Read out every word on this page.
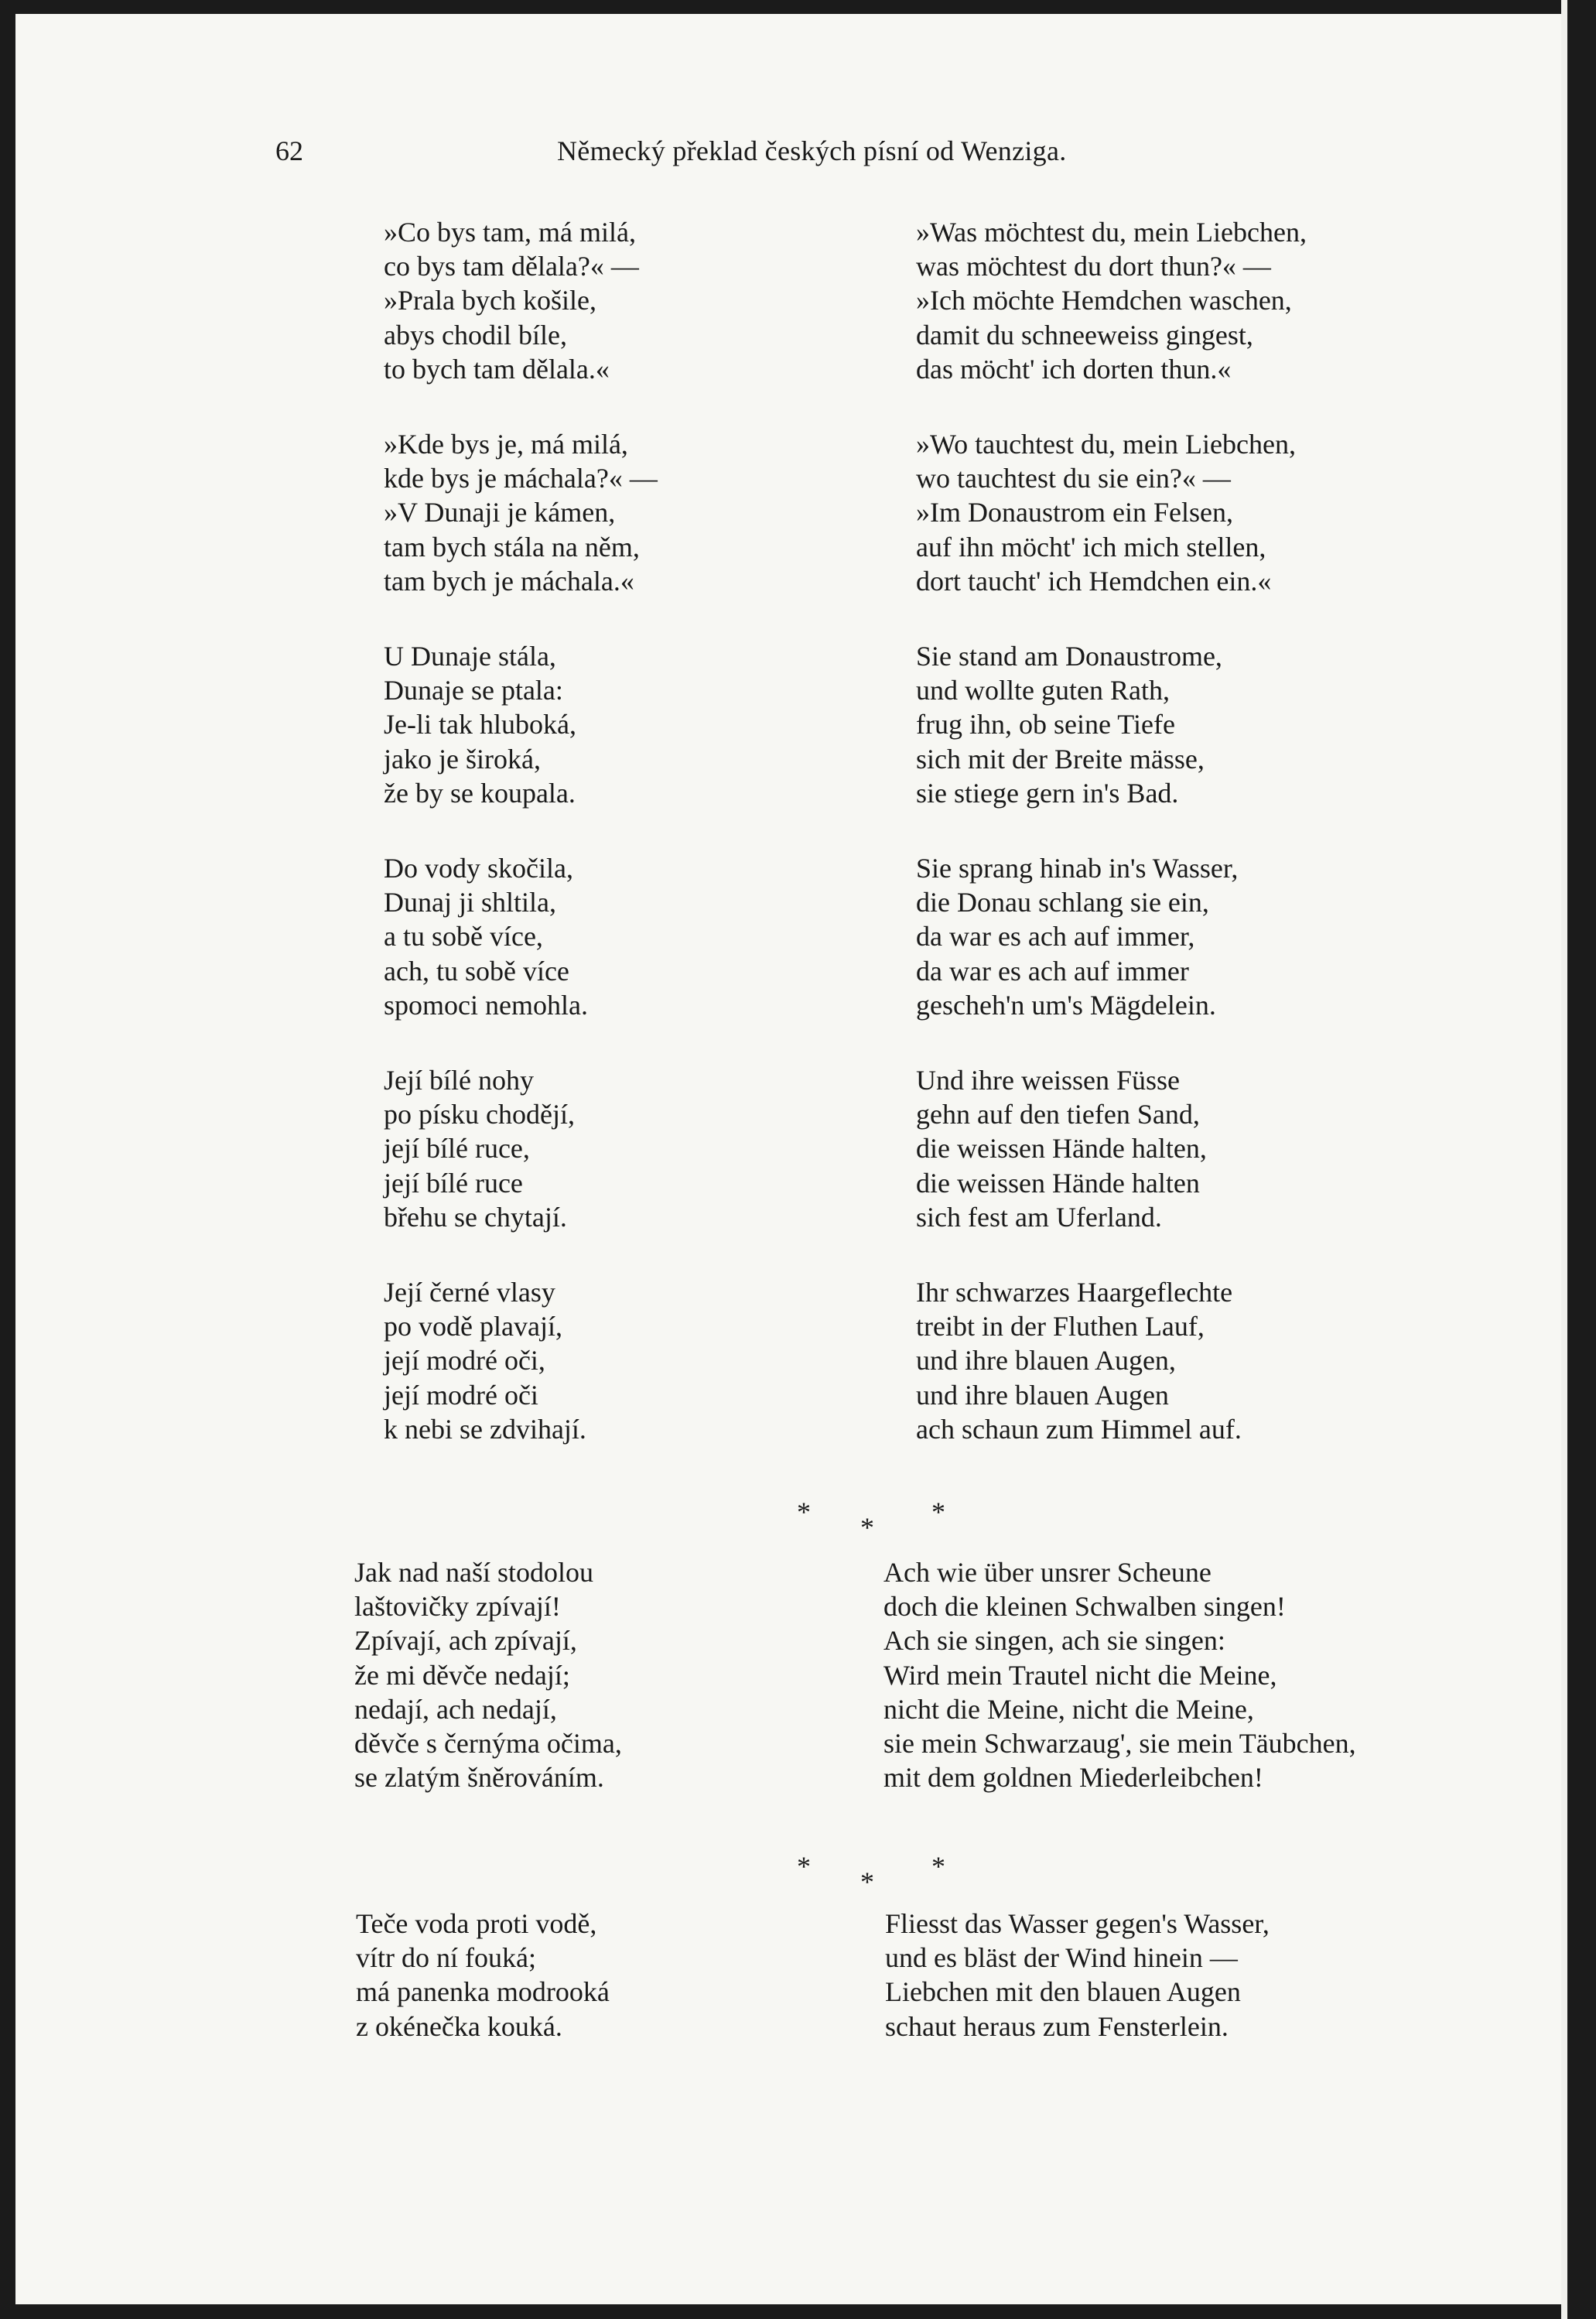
62	Německý překlad českých písní od Wenziga.
»Co bys tam, má milá,
co bys tam dělala?« —
»Prala bych košile,
abys chodil bíle,
to bych tam dělala.«
»Kde bys je, má milá,
kde bys je máchala?« —
»V Dunaji je kámen,
tam bych stála na něm,
tam bych je máchala.«
U Dunaje stála,
Dunaje se ptala:
Je-li tak hluboká,
jako je široká,
že by se koupala.
Do vody skočila,
Dunaj ji shltila,
a tu sobě více,
ach, tu sobě více
spomoci nemohla.
Její bílé nohy
po písku chodějí,
její bílé ruce,
její bílé ruce
břehu se chytají.
Její černé vlasy
po vodě plavají,
její modré oči,
její modré oči
k nebi se zdvihají.
»Was möchtest du, mein Liebchen,
was möchtest du dort thun?« —
»Ich möchte Hemdchen waschen,
damit du schneeweiss gingest,
das möcht' ich dorten thun.«
»Wo tauchtest du, mein Liebchen,
wo tauchtest du sie ein?« —
»Im Donaustrom ein Felsen,
auf ihn möcht' ich mich stellen,
dort taucht' ich Hemdchen ein.«
Sie stand am Donaustrome,
und wollte guten Rath,
frug ihn, ob seine Tiefe
sich mit der Breite mässe,
sie stiege gern in's Bad.
Sie sprang hinab in's Wasser,
die Donau schlang sie ein,
da war es ach auf immer,
da war es ach auf immer
gescheh'n um's Mägdelein.
Und ihre weissen Füsse
gehn auf den tiefen Sand,
die weissen Hände halten,
die weissen Hände halten
sich fest am Uferland.
Ihr schwarzes Haargeflechte
treibt in der Fluthen Lauf,
und ihre blauen Augen,
und ihre blauen Augen
ach schaun zum Himmel auf.
* * *
Jak nad naší stodolou
laštovičky zpívají!
Zpívají, ach zpívají,
že mi děvče nedají;
nedají, ach nedají,
děvče s černýma očima,
se zlatým šněrováním.
Ach wie über unsrer Scheune
doch die kleinen Schwalben singen!
Ach sie singen, ach sie singen:
Wird mein Trautel nicht die Meine,
nicht die Meine, nicht die Meine,
sie mein Schwarzaug', sie mein Täubchen,
mit dem goldnen Miederleibchen!
* * *
Teče voda proti vodě,
vítr do ní fouká;
má panenka modrooká
z okénečka kouká.
Fliesst das Wasser gegen's Wasser,
und es bläst der Wind hinein —
Liebchen mit den blauen Augen
schaut heraus zum Fensterlein.
